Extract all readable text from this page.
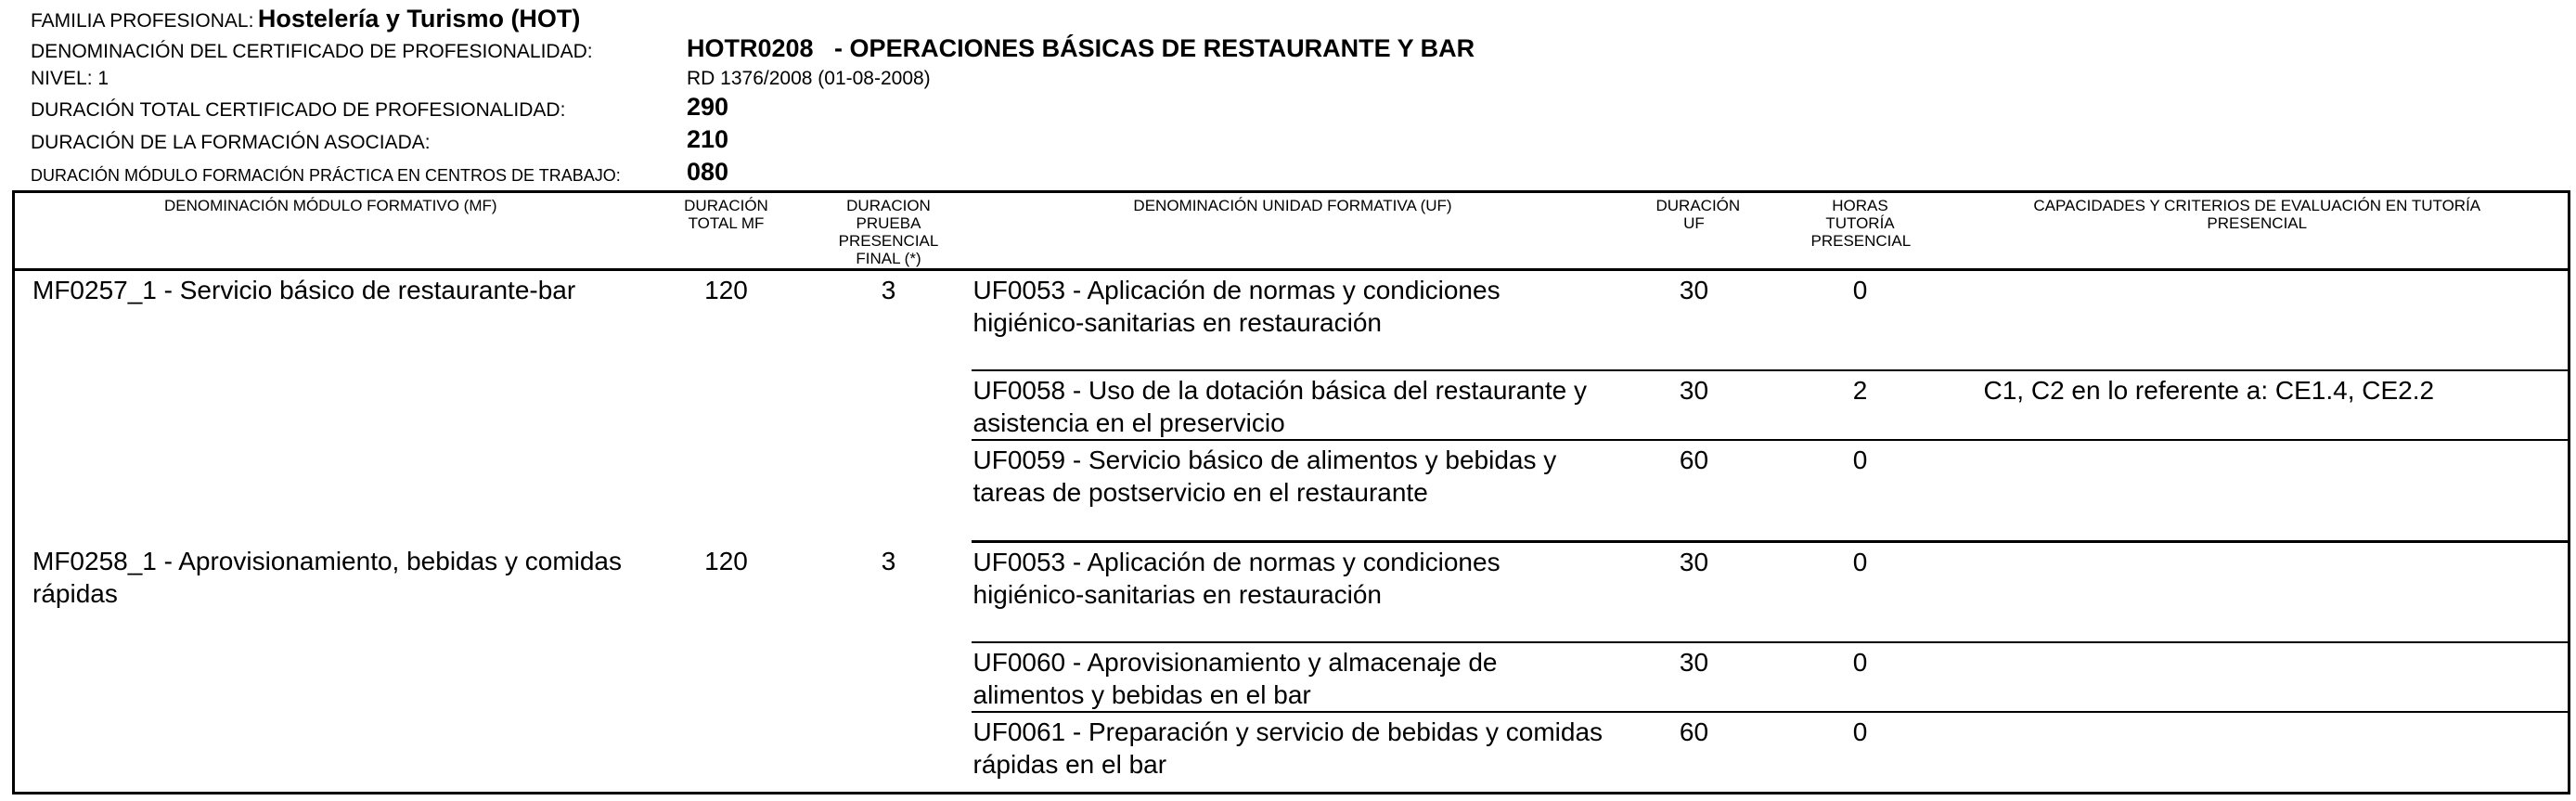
FAMILIA PROFESIONAL: Hostelería y Turismo (HOT)
DENOMINACIÓN DEL CERTIFICADO DE PROFESIONALIDAD:	HOTR0208   - OPERACIONES BÁSICAS DE RESTAURANTE Y BAR
NIVEL: 1	RD 1376/2008 (01-08-2008)
DURACIÓN TOTAL CERTIFICADO DE PROFESIONALIDAD:	290
DURACIÓN DE LA FORMACIÓN ASOCIADA:	210
DURACIÓN MÓDULO FORMACIÓN PRÁCTICA EN CENTROS DE TRABAJO:	080
DENOMINACIÓN MÓDULO FORMATIVO (MF)	DURACIÓN TOTAL MF	DURACION PRUEBA PRESENCIAL FINAL (*)	DENOMINACIÓN UNIDAD FORMATIVA (UF)	DURACIÓN UF	HORAS TUTORÍA PRESENCIAL	CAPACIDADES Y CRITERIOS DE EVALUACIÓN EN TUTORÍA PRESENCIAL
MF0257_1 - Servicio básico de restaurante-bar	120	3	UF0053 - Aplicación de normas y condiciones higiénico-sanitarias en restauración	30	0	
			UF0058 - Uso de la dotación básica del restaurante y asistencia en el preservicio	30	2	C1, C2 en lo referente a: CE1.4, CE2.2
			UF0059 - Servicio básico de alimentos y bebidas y tareas de postservicio en el restaurante	60	0	
MF0258_1 - Aprovisionamiento, bebidas y comidas rápidas	120	3	UF0053 - Aplicación de normas y condiciones higiénico-sanitarias en restauración	30	0	
			UF0060 - Aprovisionamiento y almacenaje de alimentos y bebidas en el bar	30	0	
			UF0061 - Preparación y servicio de bebidas y comidas rápidas en el bar	60	0	
